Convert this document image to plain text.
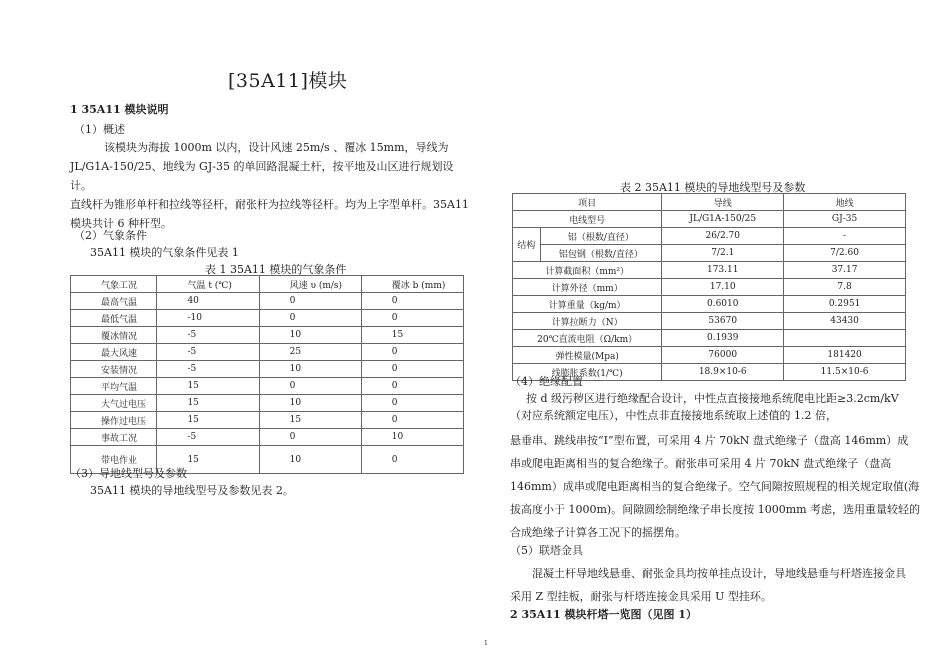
[35A11]模块
1 35A11 模块说明
（1）概述
该模块为海拔 1000m 以内，设计风速 25m/s 、覆冰 15mm，导线为
JL/G1A-150/25、地线为 GJ-35 的单回路混凝土杆，按平地及山区进行规划设计。
直线杆为锥形单杆和拉线等径杆，耐张杆为拉线等径杆。均为上字型单杆。35A11
模块共计 6 种杆型。
（2）气象条件
35A11 模块的气象条件见表 1
表 1 35A11 模块的气象条件
气象工况	气温 t (℃)	风速 υ (m/s)	覆冰 b (mm)
最高气温	40	0	0
最低气温	-10	0	0
覆冰情况	-5	10	15
最大风速	-5	25	0
安装情况	-5	10	0
平均气温	15	0	0
大气过电压	15	10	0
操作过电压	15	15	0
事故工况	-5	0	10
带电作业	15	10	0
（3）导地线型号及参数
35A11 模块的导地线型号及参数见表 2。
表 2 35A11 模块的导地线型号及参数
项目		导线	地线
电线型号		JL/G1A-150/25	GJ-35
结构	铝（根数/直径）	26/2.70	-
	铝包钢（根数/直径）	7/2.1	7/2.60
计算截面积（mm²）		173.11	37.17
计算外径（mm）		17.10	7.8
计算重量（kg/m）		0.6010	0.2951
计算拉断力（N）		53670	43430
20℃直流电阻（Ω/km）		0.1939	
弹性模量(Mpa)		76000	181420
线膨胀系数(1/℃)		18.9×10-6	11.5×10-6
（4）绝缘配置
按 d 级污秽区进行绝缘配合设计，中性点直接接地系统爬电比距≥3.2cm/kV
（对应系统额定电压），中性点非直接接地系统取上述值的 1.2 倍，
悬垂串、跳线串按“I”型布置，可采用 4 片 70kN 盘式绝缘子（盘高 146mm）成
串或爬电距离相当的复合绝缘子。耐张串可采用 4 片 70kN 盘式绝缘子（盘高
146mm）成串或爬电距离相当的复合绝缘子。空气间隙按照规程的相关规定取值(海
拔高度小于 1000m)。间隙圆绘制绝缘子串长度按 1000mm 考虑，选用重量较轻的
合成绝缘子计算各工况下的摇摆角。
（5）联塔金具
混凝土杆导地线悬垂、耐张金具均按单挂点设计，导地线悬垂与杆塔连接金具
采用 Z 型挂板，耐张与杆塔连接金具采用 U 型挂环。
2 35A11 模块杆塔一览图（见图 1）
1
